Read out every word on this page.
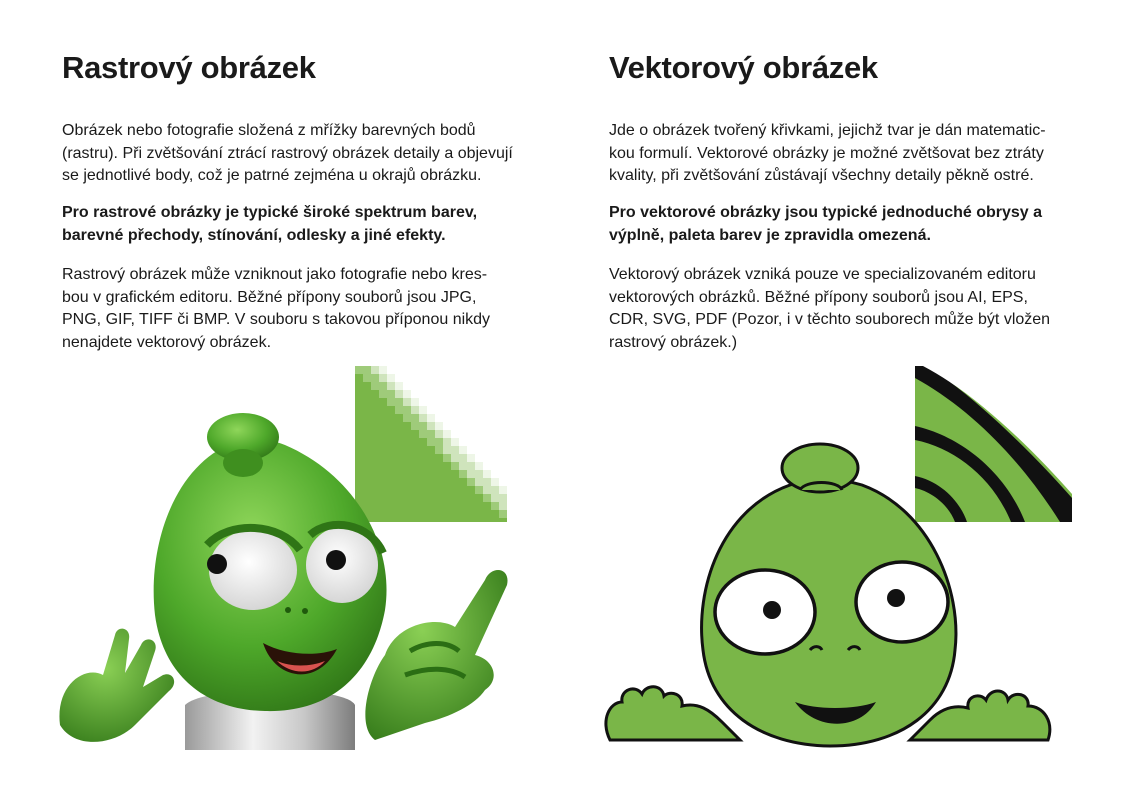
Rastrový obrázek

Obrázek nebo fotografie složená z mřížky barevných bodů
(rastru). Při zvětšování ztrácí rastrový obrázek detaily a objevují
se jednotlivé body, což je patrné zejména u okrajů obrázku.

Pro rastrové obrázky je typické široké spektrum barev,
barevné přechody, stínování, odlesky a jiné efekty.

Rastrový obrázek může vzniknout jako fotografie nebo kres-
bou v grafickém editoru. Běžné přípony souborů jsou JPG,
PNG, GIF, TIFF či BMP. V souboru s takovou příponou nikdy
nenajdete vektorový obrázek.

Vektorový obrázek

Jde o obrázek tvořený křivkami, jejichž tvar je dán matematic-
kou formulí. Vektorové obrázky je možné zvětšovat bez ztráty
kvality, při zvětšování zůstávají všechny detaily pěkně ostré.

Pro vektorové obrázky jsou typické jednoduché obrysy a
výplně, paleta barev je zpravidla omezená.

Vektorový obrázek vzniká pouze ve specializovaném editoru
vektorových obrázků. Běžné přípony souborů jsou AI, EPS,
CDR, SVG, PDF (Pozor, i v těchto souborech může být vložen
rastrový obrázek.)
